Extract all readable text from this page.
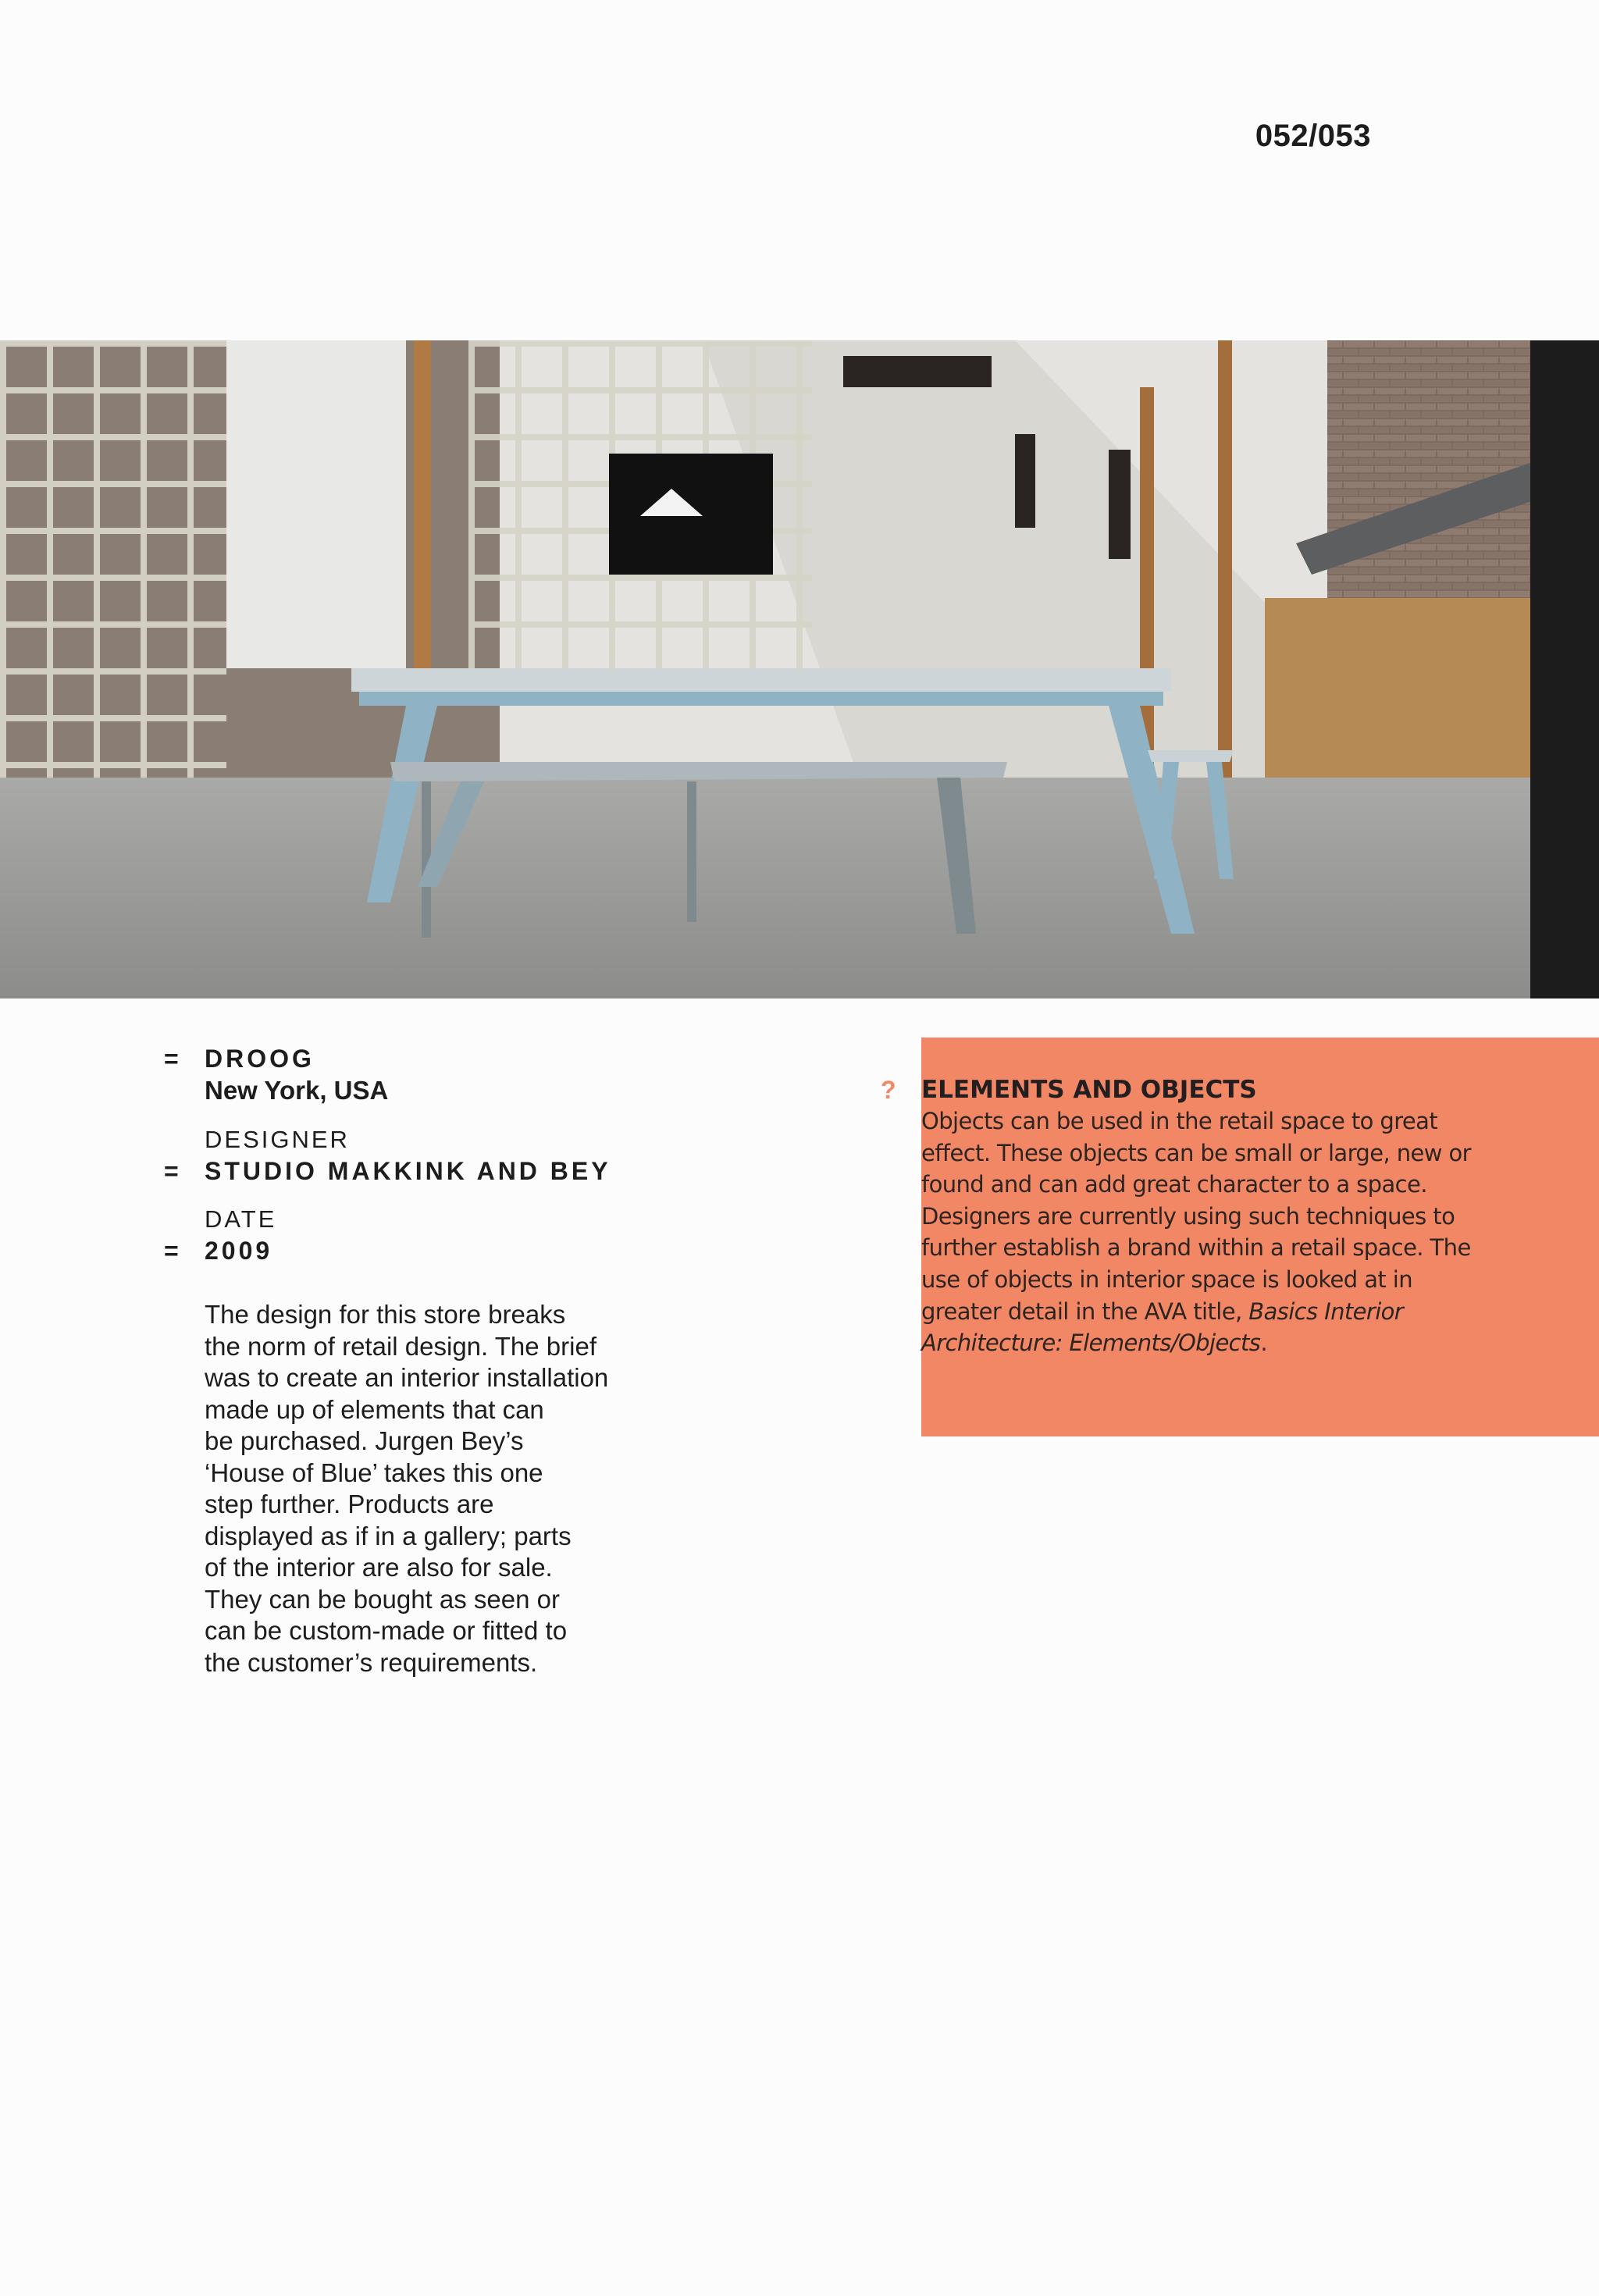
052/053
= DROOG
New York, USA
DESIGNER
= STUDIO MAKKINK AND BEY
DATE
= 2009
The design for this store breaks
the norm of retail design. The brief
was to create an interior installation
made up of elements that can
be purchased. Jurgen Bey’s
‘House of Blue’ takes this one
step further. Products are
displayed as if in a gallery; parts
of the interior are also for sale.
They can be bought as seen or
can be custom-made or fitted to
the customer’s requirements.
? ELEMENTS AND OBJECTS
Objects can be used in the retail space to great effect. These objects can be small or large, new or found and can add great character to a space. Designers are currently using such techniques to further establish a brand within a retail space. The use of objects in interior space is looked at in greater detail in the AVA title, Basics Interior Architecture: Elements/Objects.
